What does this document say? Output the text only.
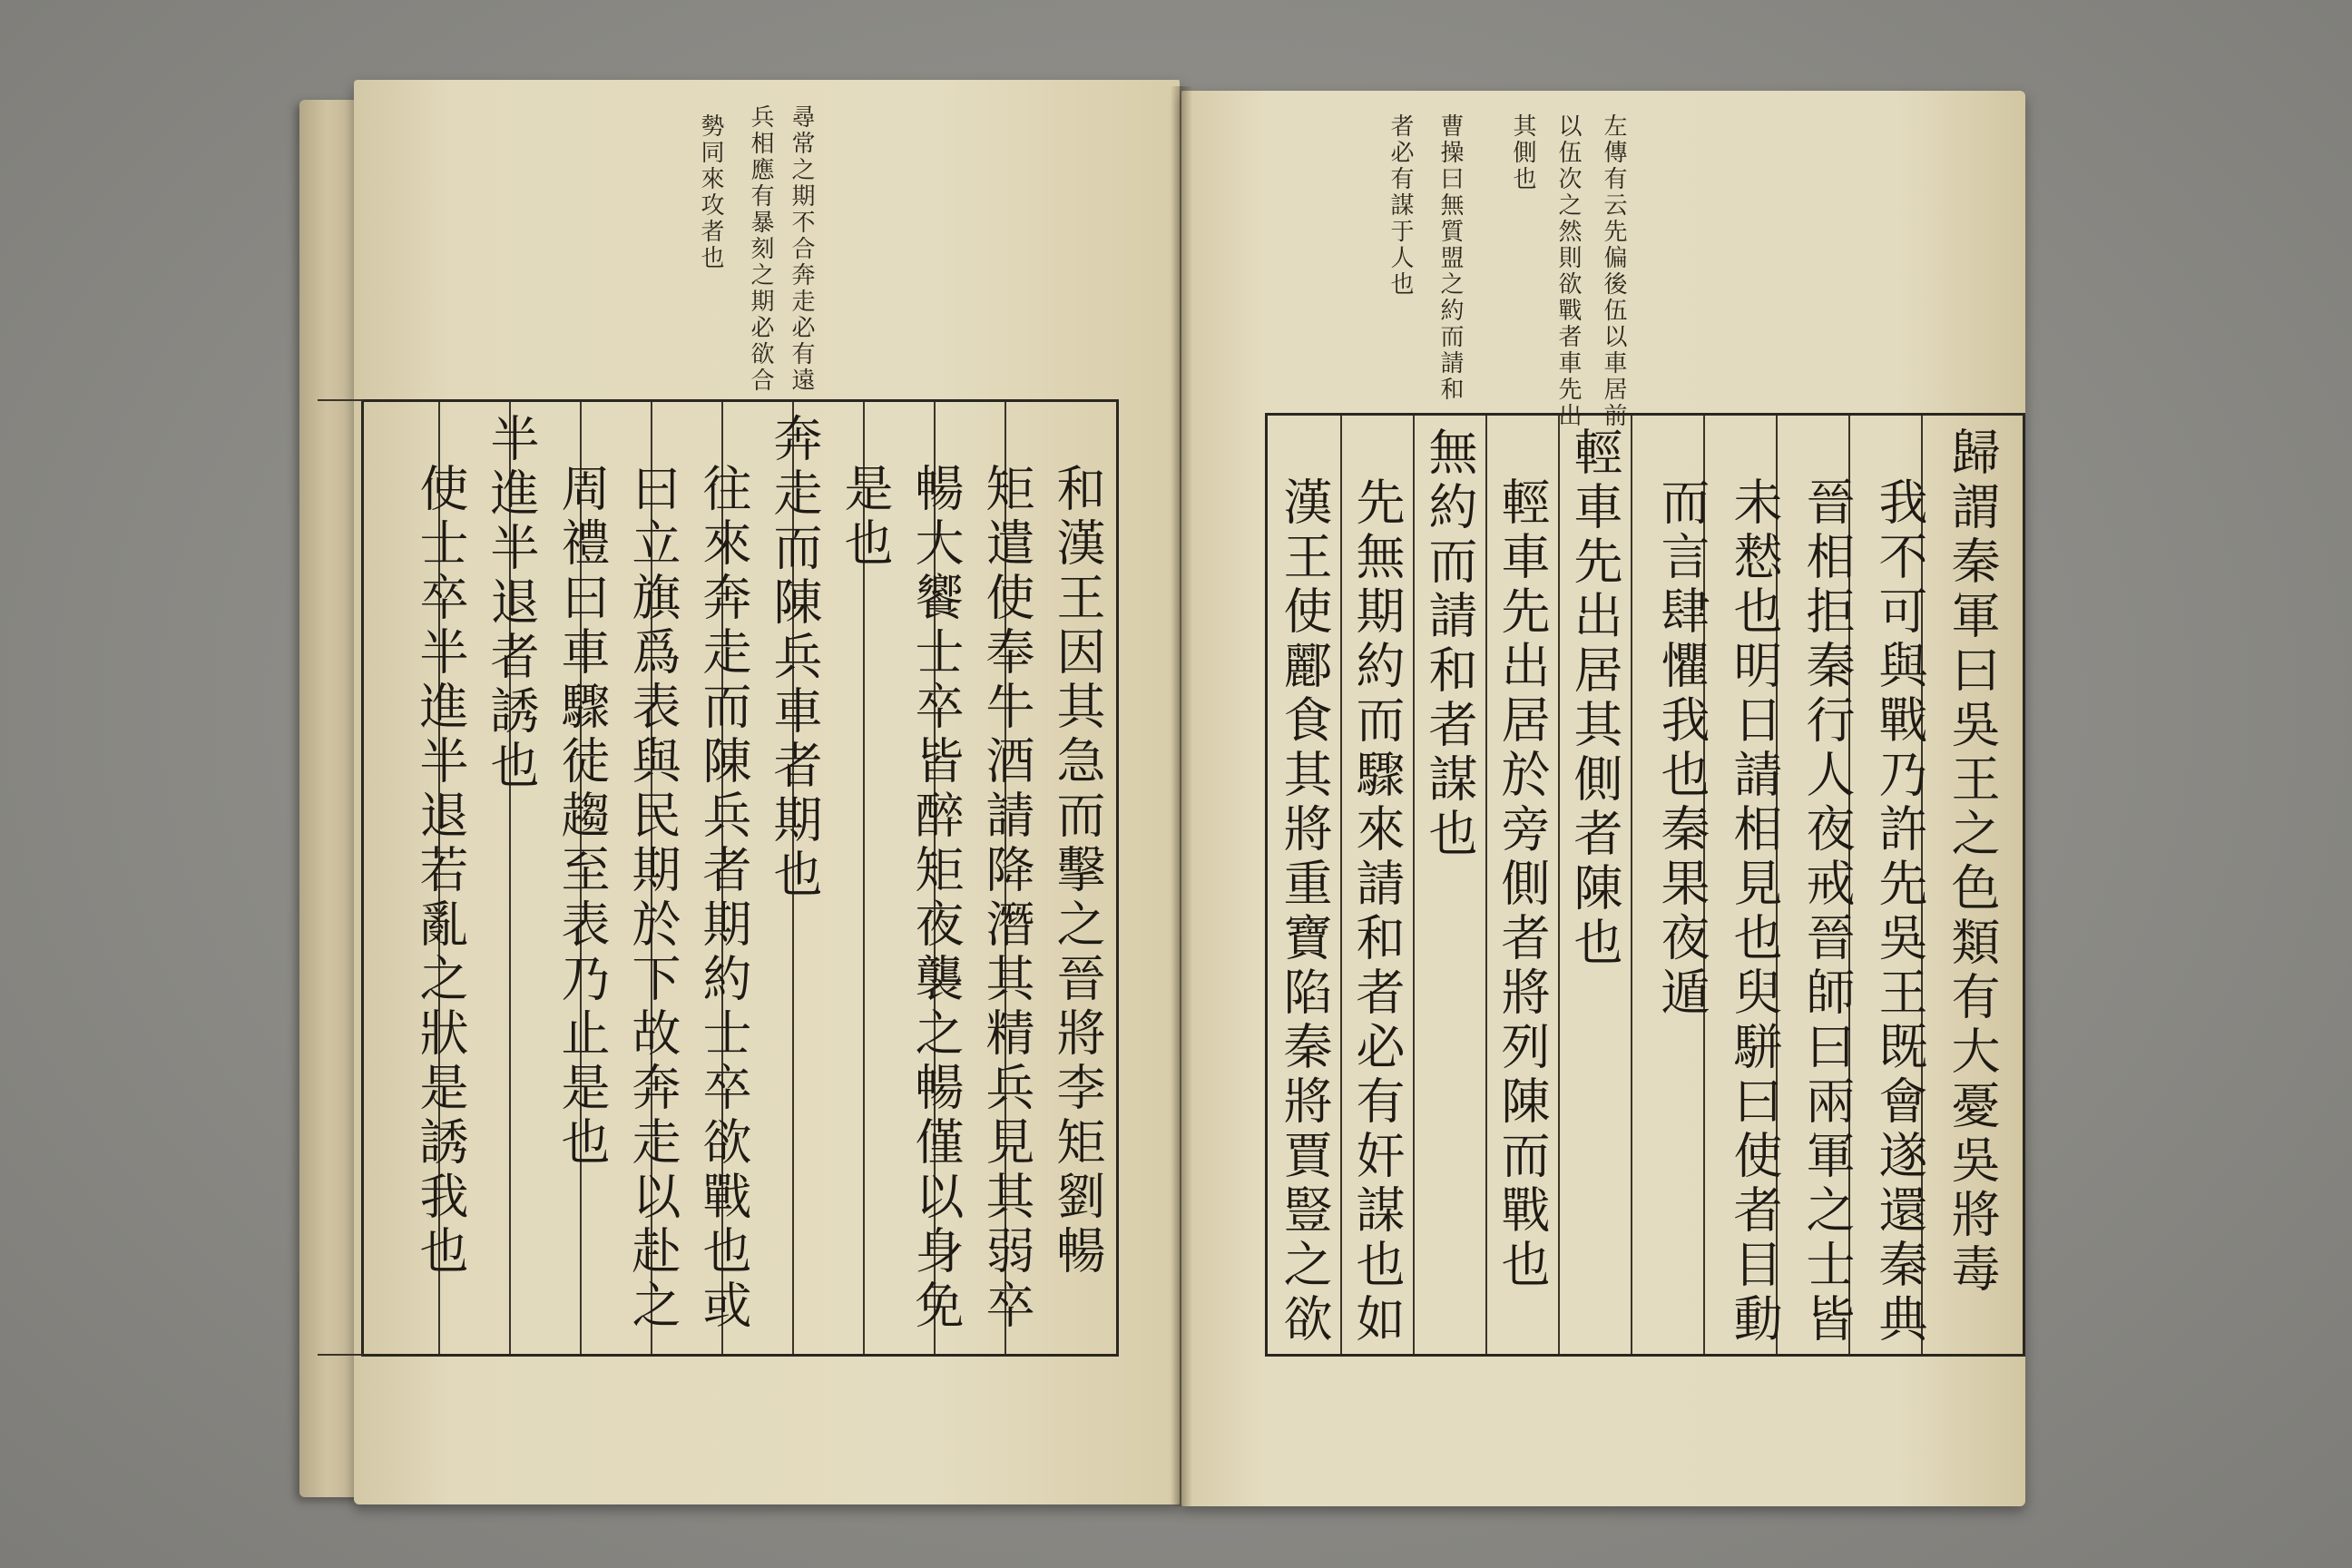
尋常之期不合奔走必有遠
兵相應有暴刻之期必欲合
勢同來攻者也
和漢王因其急而擊之晉將李矩劉暢
矩遣使奉牛酒請降潛其精兵見其弱卒
暢大饗士卒皆醉矩夜襲之暢僅以身免
是也
奔走而陳兵車者期也
往來奔走而陳兵者期約士卒欲戰也或
曰立旗爲表與民期於下故奔走以赴之
周禮曰車驟徒趨至表乃止是也
半進半退者誘也
使士卒半進半退若亂之狀是誘我也
左傳有云先偏後伍以車居前
以伍次之然則欲戰者車先出
其側也
曹操曰無質盟之約而請和
者必有謀于人也
歸謂秦軍曰吳王之色類有大憂吳將毒
我不可與戰乃許先吳王既會遂還秦典
晉相拒秦行人夜戒晉師曰兩軍之士皆
未慭也明日請相見也臾駢曰使者目動
而言肆懼我也秦果夜遁
輕車先出居其側者陳也
輕車先出居於旁側者將列陳而戰也
無約而請和者謀也
先無期約而驟來請和者必有奸謀也如
漢王使酈食其將重寶陷秦將賈豎之欲
